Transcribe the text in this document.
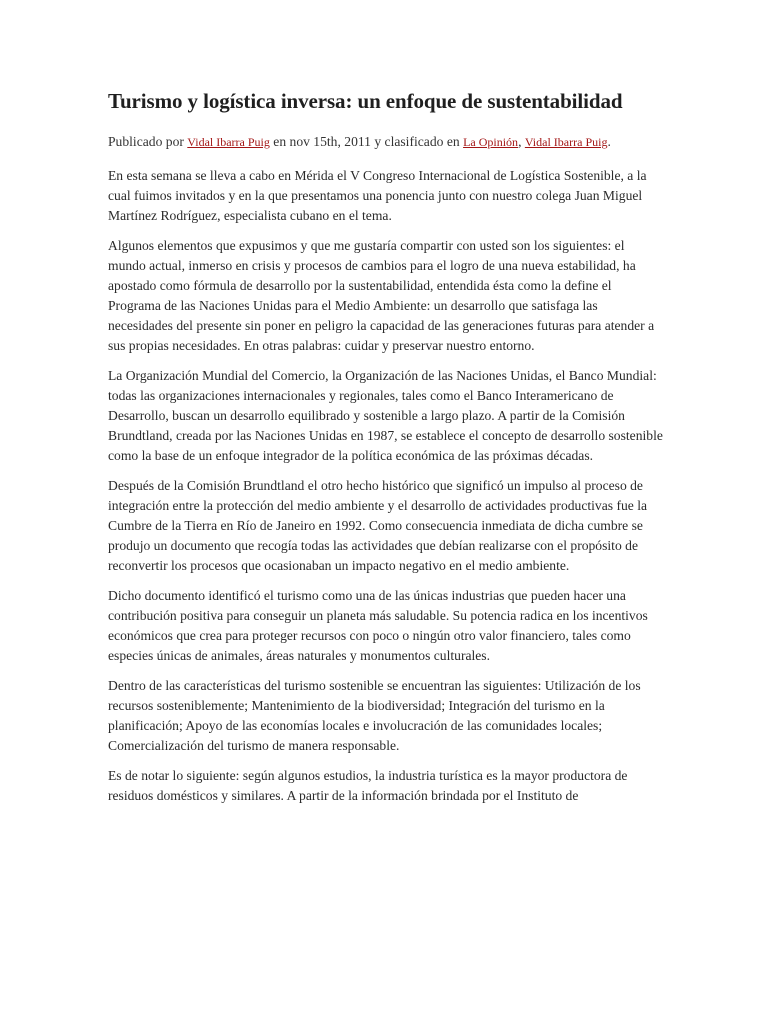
Turismo y logística inversa: un enfoque de sustentabilidad
Publicado por Vidal Ibarra Puig en nov 15th, 2011 y clasificado en La Opinión, Vidal Ibarra Puig.

En esta semana se lleva a cabo en Mérida el V Congreso Internacional de Logística Sostenible, a la cual fuimos invitados y en la que presentamos una ponencia junto con nuestro colega Juan Miguel Martínez Rodríguez, especialista cubano en el tema.

Algunos elementos que expusimos y que me gustaría compartir con usted son los siguientes: el mundo actual, inmerso en crisis y procesos de cambios para el logro de una nueva estabilidad, ha apostado como fórmula de desarrollo por la sustentabilidad, entendida ésta como la define el Programa de las Naciones Unidas para el Medio Ambiente: un desarrollo que satisfaga las necesidades del presente sin poner en peligro la capacidad de las generaciones futuras para atender a sus propias necesidades. En otras palabras: cuidar y preservar nuestro entorno.

La Organización Mundial del Comercio, la Organización de las Naciones Unidas, el Banco Mundial: todas las organizaciones internacionales y regionales, tales como el Banco Interamericano de Desarrollo, buscan un desarrollo equilibrado y sostenible a largo plazo. A partir de la Comisión Brundtland, creada por las Naciones Unidas en 1987, se establece el concepto de desarrollo sostenible como la base de un enfoque integrador de la política económica de las próximas décadas.

Después de la Comisión Brundtland el otro hecho histórico que significó un impulso al proceso de integración entre la protección del medio ambiente y el desarrollo de actividades productivas fue la Cumbre de la Tierra en Río de Janeiro en 1992. Como consecuencia inmediata de dicha cumbre se produjo un documento que recogía todas las actividades que debían realizarse con el propósito de reconvertir los procesos que ocasionaban un impacto negativo en el medio ambiente.

Dicho documento identificó el turismo como una de las únicas industrias que pueden hacer una contribución positiva para conseguir un planeta más saludable. Su potencia radica en los incentivos económicos que crea para proteger recursos con poco o ningún otro valor financiero, tales como especies únicas de animales, áreas naturales y monumentos culturales.

Dentro de las características del turismo sostenible se encuentran las siguientes: Utilización de los recursos sosteniblemente; Mantenimiento de la biodiversidad; Integración del turismo en la planificación; Apoyo de las economías locales e involucración de las comunidades locales; Comercialización del turismo de manera responsable.

Es de notar lo siguiente: según algunos estudios, la industria turística es la mayor productora de residuos domésticos y similares. A partir de la información brindada por el Instituto de
